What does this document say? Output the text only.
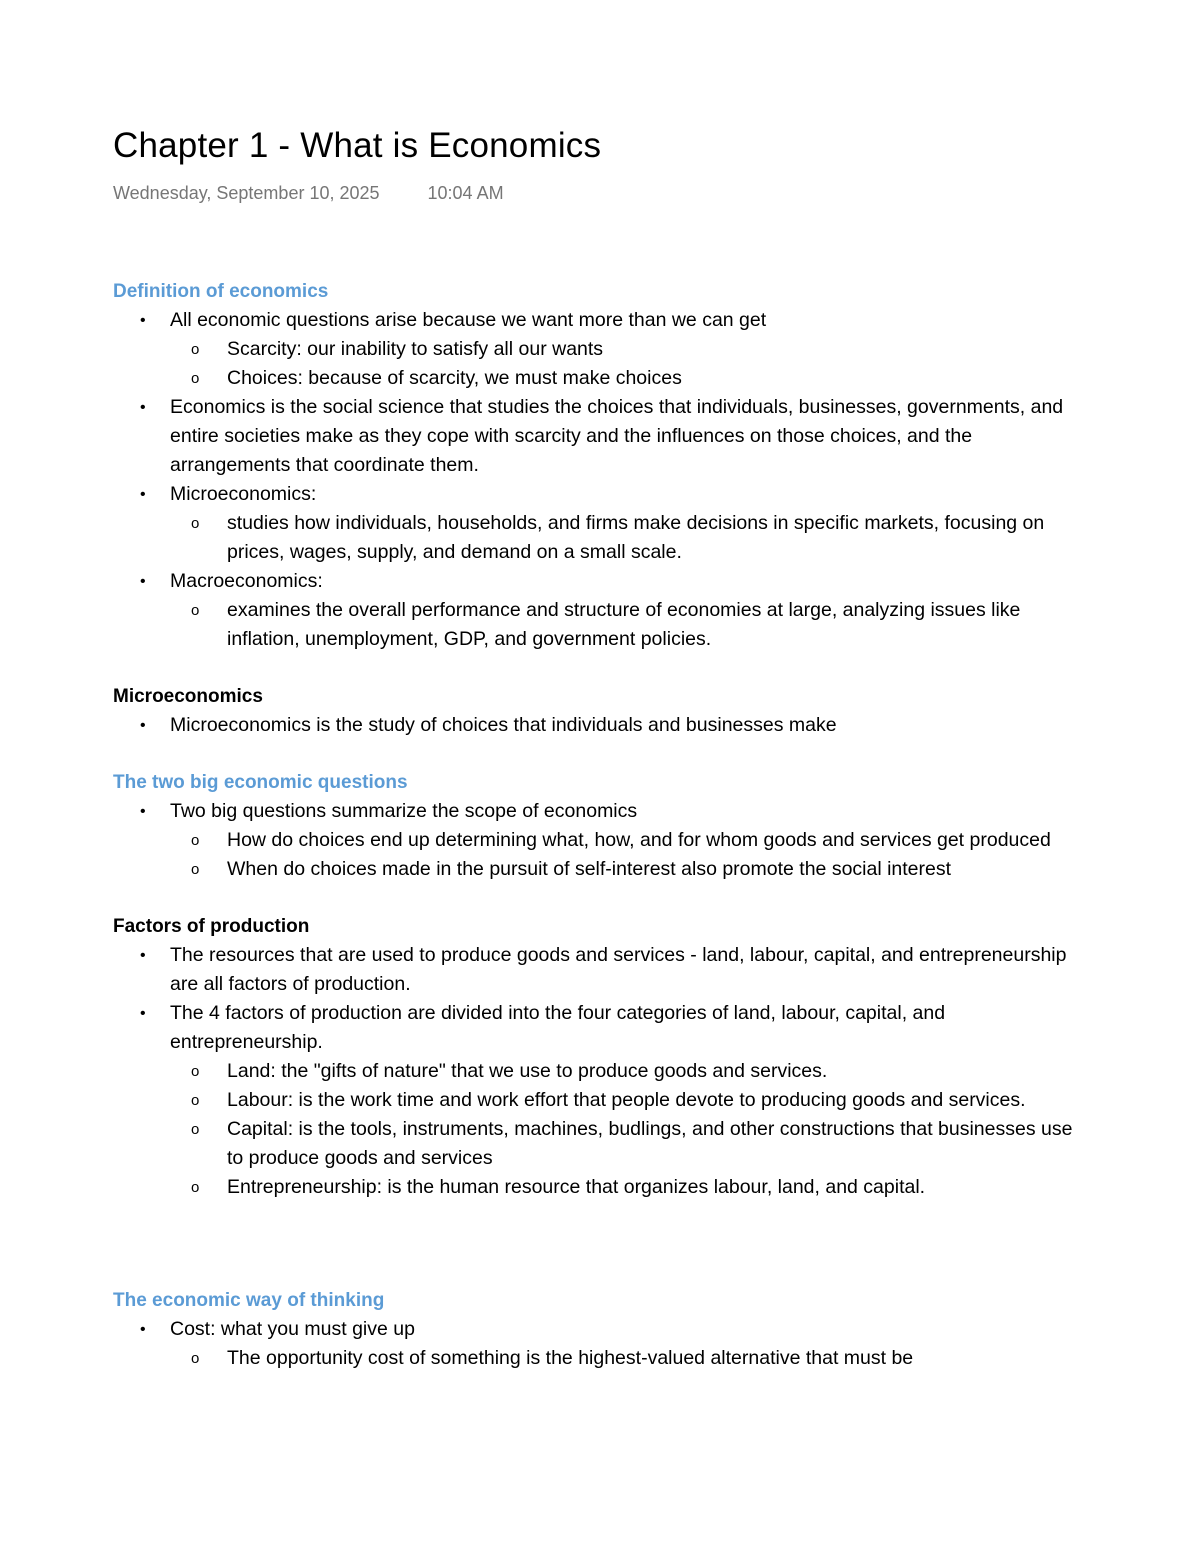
Chapter 1 - What is Economics
Wednesday, September 10, 2025	10:04 AM
Definition of economics
• All economic questions arise because we want more than we can get
o Scarcity: our inability to satisfy all our wants
o Choices: because of scarcity, we must make choices
• Economics is the social science that studies the choices that individuals, businesses, governments, and entire societies make as they cope with scarcity and the influences on those choices, and the arrangements that coordinate them.
• Microeconomics:
o studies how individuals, households, and firms make decisions in specific markets, focusing on prices, wages, supply, and demand on a small scale.
• Macroeconomics:
o examines the overall performance and structure of economies at large, analyzing issues like inflation, unemployment, GDP, and government policies.
Microeconomics
• Microeconomics is the study of choices that individuals and businesses make
The two big economic questions
• Two big questions summarize the scope of economics
o How do choices end up determining what, how, and for whom goods and services get produced
o When do choices made in the pursuit of self-interest also promote the social interest
Factors of production
• The resources that are used to produce goods and services - land, labour, capital, and entrepreneurship are all factors of production.
• The 4 factors of production are divided into the four categories of land, labour, capital, and entrepreneurship.
o Land: the "gifts of nature" that we use to produce goods and services.
o Labour: is the work time and work effort that people devote to producing goods and services.
o Capital: is the tools, instruments, machines, budlings, and other constructions that businesses use to produce goods and services
o Entrepreneurship: is the human resource that organizes labour, land, and capital.
The economic way of thinking
• Cost: what you must give up
o The opportunity cost of something is the highest-valued alternative that must be
